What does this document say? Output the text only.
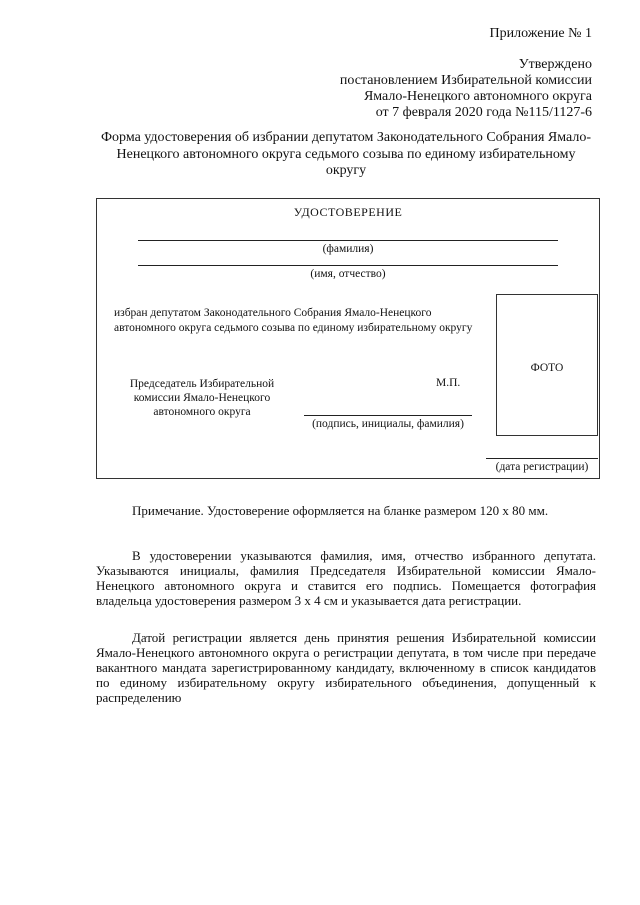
Приложение № 1
Утверждено
постановлением Избирательной комиссии
Ямало-Ненецкого автономного округа
от 7 февраля 2020 года №115/1127-6
Форма удостоверения об избрании депутатом Законодательного Собрания Ямало-Ненецкого автономного округа седьмого созыва по единому избирательному округу
УДОСТОВЕРЕНИЕ
(фамилия)
(имя, отчество)
избран депутатом Законодательного Собрания Ямало-Ненецкого автономного округа седьмого созыва по единому избирательному округу
ФОТО
Председатель Избирательной комиссии Ямало-Ненецкого автономного округа
М.П.
(подпись, инициалы, фамилия)
(дата регистрации)
Примечание. Удостоверение оформляется на бланке размером 120 х 80 мм.
В удостоверении указываются фамилия, имя, отчество избранного депутата. Указываются инициалы, фамилия Председателя Избирательной комиссии Ямало-Ненецкого автономного округа и ставится его подпись. Помещается фотография владельца удостоверения размером 3 х 4 см и указывается дата регистрации.
Датой регистрации является день принятия решения Избирательной комиссии Ямало-Ненецкого автономного округа о регистрации депутата, в том числе при передаче вакантного мандата зарегистрированному кандидату, включенному в список кандидатов по единому избирательному округу избирательного объединения, допущенный к распределению
